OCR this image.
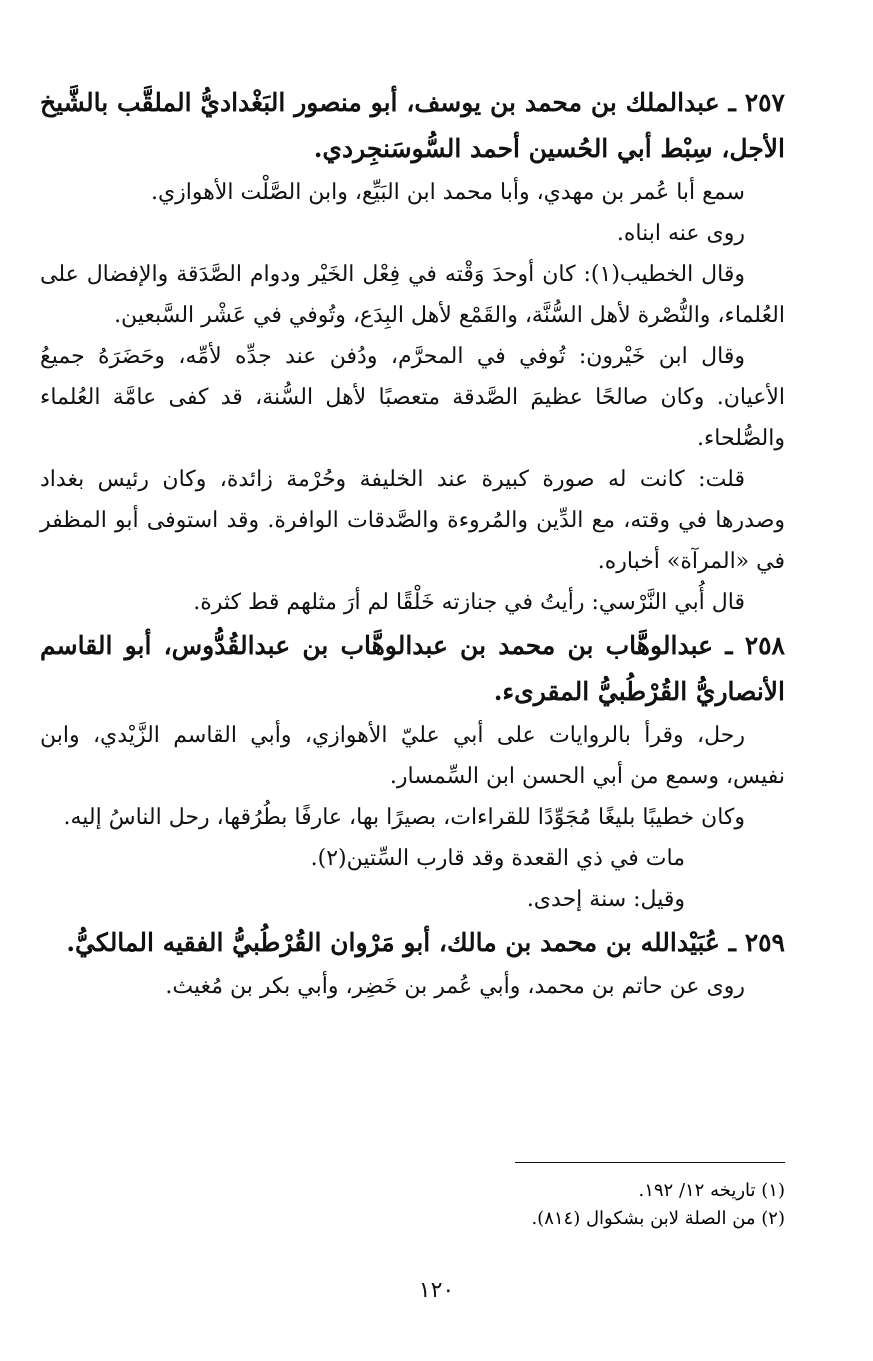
٢٥٧ ـ عبدالملك بن محمد بن يوسف، أبو منصور البَغْداديُّ الملقَّب بالشَّيخ الأجل، سِبْط أبي الحُسين أحمد السُّوسَنجِردي.

سمع أبا عُمر بن مهدي، وأبا محمد ابن البَيِّع، وابن الصَّلْت الأهوازي.

روى عنه ابناه.

وقال الخطيب(١): كان أوحدَ وَقْته في فِعْل الخَيْر ودوام الصَّدَقة والإفضال على العُلماء، والنُّصْرة لأهل السُّنَّة، والقَمْع لأهل البِدَع، وتُوفي في عَشْر السَّبعين.

وقال ابن خَيْرون: تُوفي في المحرَّم، ودُفن عند جدِّه لأمِّه، وحَضَرَهُ جميعُ الأعيان. وكان صالحًا عظيمَ الصَّدقة متعصبًا لأهل السُّنة، قد كفى عامَّة العُلماء والصُّلحاء.

قلت: كانت له صورة كبيرة عند الخليفة وحُرْمة زائدة، وكان رئيس بغداد وصدرها في وقته، مع الدِّين والمُروءة والصَّدقات الوافرة. وقد استوفى أبو المظفر في «المرآة» أخباره.

قال أُبي النَّرْسي: رأيتُ في جنازته خَلْقًا لم أرَ مثلهم قط كثرة.

٢٥٨ ـ عبدالوهَّاب بن محمد بن عبدالوهَّاب بن عبدالقُدُّوس، أبو القاسم الأنصاريُّ القُرْطُبيُّ المقرىء.

رحل، وقرأ بالروايات على أبي عليّ الأهوازي، وأبي القاسم الزَّيْدي، وابن نفيس، وسمع من أبي الحسن ابن السِّمسار.

وكان خطيبًا بليغًا مُجَوِّدًا للقراءات، بصيرًا بها، عارفًا بطُرُقها، رحل الناسُ إليه.

مات في ذي القعدة وقد قارب السِّتين(٢).

وقيل: سنة إحدى.

٢٥٩ ـ عُبَيْدالله بن محمد بن مالك، أبو مَرْوان القُرْطُبيُّ الفقيه المالكيُّ.

روى عن حاتم بن محمد، وأبي عُمر بن خَضِر، وأبي بكر بن مُغيث.

(١) تاريخه ١٢/ ١٩٢.

(٢) من الصلة لابن بشكوال (٨١٤).

١٢٠
